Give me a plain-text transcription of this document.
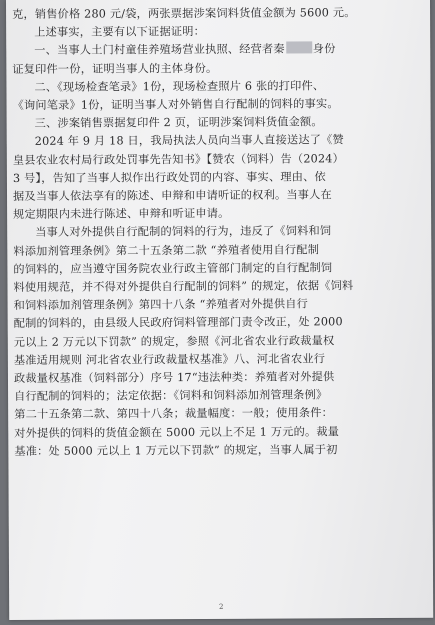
克，销售价格 280 元/袋，两张票据涉案饲料货值金额为 5600 元。

上述事实，主要有以下证据证明：

一、当事人土门村童佳养殖场营业执照、经营者秦 身份

证复印件一份，证明当事人的主体身份。

二、《现场检查笔录》1份，现场检查照片 6 张的打印件、

《询问笔录》1份，证明当事人对外销售自行配制的饲料的事实。

三、涉案销售票据复印件 2 页，证明涉案饲料货值金额。

2024 年 9 月 18 日，我局执法人员向当事人直接送达了《赞

皇县农业农村局行政处罚事先告知书》【赞农（饲料）告（2024）

3 号】，告知了当事人拟作出行政处罚的内容、事实、理由、依

据及当事人依法享有的陈述、申辩和申请听证的权利。当事人在

规定期限内未进行陈述、申辩和听证申请。

当事人对外提供自行配制的饲料的行为，违反了《饲料和饲

料添加剂管理条例》第二十五条第二款 “养殖者使用自行配制

的饲料的，应当遵守国务院农业行政主管部门制定的自行配制饲

料使用规范，并不得对外提供自行配制的饲料” 的规定，依据《饲料

和饲料添加剂管理条例》第四十八条 “养殖者对外提供自行

配制的饲料的，由县级人民政府饲料管理部门责令改正，处 2000

元以上 2 万元以下罚款” 的规定，参照《河北省农业行政裁量权

基准适用规则 河北省农业行政裁量权基准》八、河北省农业行

政裁量权基准（饲料部分）序号 17“违法种类：养殖者对外提供

自行配制的饲料的；法定依据：《饲料和饲料添加剂管理条例》

第二十五条第二款、第四十八条；裁量幅度：一般；使用条件：

对外提供的饲料的货值金额在 5000 元以上不足 1 万元的。裁量

基准：处 5000 元以上 1 万元以下罚款” 的规定，当事人属于初

2
